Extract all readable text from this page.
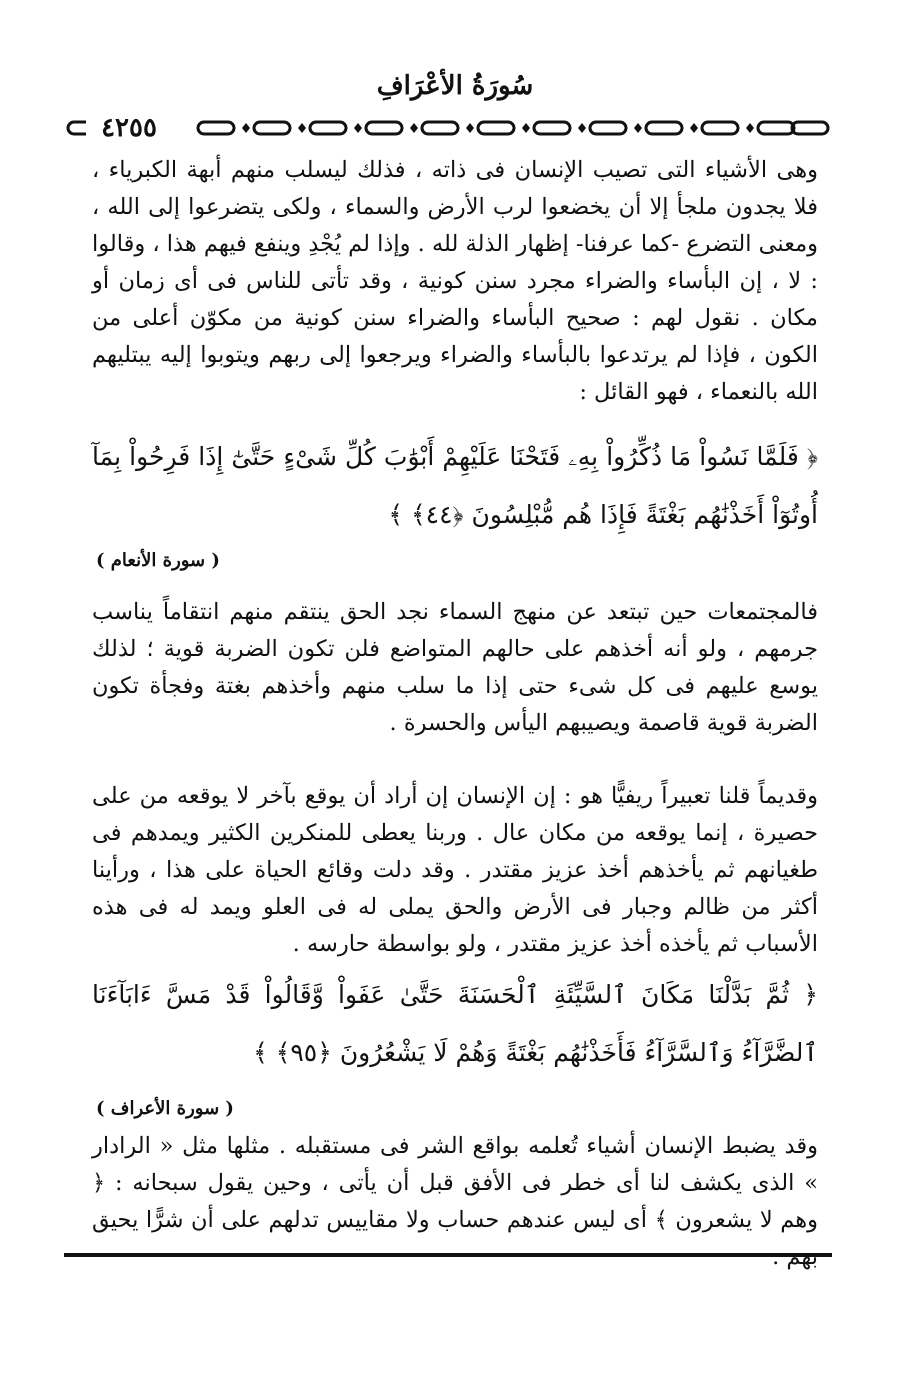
سُورَةُ الأعْرَافِ
٤٢٥٥

وهى الأشياء التى تصيب الإنسان فى ذاته ، فذلك ليسلب منهم أبهة الكبرياء ، فلا يجدون ملجأ إلا أن يخضعوا لرب الأرض والسماء ، ولكى يتضرعوا إلى الله ، ومعنى التضرع -كما عرفنا- إظهار الذلة لله . وإذا لم يُجْدِ وينفع فيهم هذا ، وقالوا : لا ، إن البأساء والضراء مجرد سنن كونية ، وقد تأتى للناس فى أى زمان أو مكان . نقول لهم : صحيح البأساء والضراء سنن كونية من مكوّن أعلى من الكون ، فإذا لم يرتدعوا بالبأساء والضراء ويرجعوا إلى ربهم ويتوبوا إليه يبتليهم الله بالنعماء ، فهو القائل :

﴿ فَلَمَّا نَسُواْ مَا ذُكِّرُواْ بِهِۦ فَتَحْنَا عَلَيْهِمْ أَبْوَٰبَ كُلِّ شَىْءٍ حَتَّىٰٓ إِذَا فَرِحُواْ بِمَآ أُوتُوٓاْ أَخَذْنَٰهُم بَغْتَةً فَإِذَا هُم مُّبْلِسُونَ ﴿٤٤﴾ ﴾

( سورة الأنعام )

فالمجتمعات حين تبتعد عن منهج السماء نجد الحق ينتقم منهم انتقاماً يناسب جرمهم ، ولو أنه أخذهم على حالهم المتواضع فلن تكون الضربة قوية ؛ لذلك يوسع عليهم فى كل شىء حتى إذا ما سلب منهم وأخذهم بغتة وفجأة تكون الضربة قوية قاصمة ويصيبهم اليأس والحسرة .

وقديماً قلنا تعبيراً ريفيًّا هو : إن الإنسان إن أراد أن يوقع بآخر لا يوقعه من على حصيرة ، إنما يوقعه من مكان عال . وربنا يعطى للمنكرين الكثير ويمدهم فى طغيانهم ثم يأخذهم أخذ عزيز مقتدر . وقد دلت وقائع الحياة على هذا ، ورأينا أكثر من ظالم وجبار فى الأرض والحق يملى له فى العلو ويمد له فى هذه الأسباب ثم يأخذه أخذ عزيز مقتدر ، ولو بواسطة حارسه .

﴿ ثُمَّ بَدَّلْنَا مَكَانَ ٱلسَّيِّئَةِ ٱلْحَسَنَةَ حَتَّىٰ عَفَواْ وَّقَالُواْ قَدْ مَسَّ ءَابَآءَنَا ٱلضَّرَّآءُ وَٱلسَّرَّآءُ فَأَخَذْنَٰهُم بَغْتَةً وَهُمْ لَا يَشْعُرُونَ ﴿٩٥﴾ ﴾

( سورة الأعراف )

وقد يضبط الإنسان أشياء تُعلمه بواقع الشر فى مستقبله . مثلها مثل « الرادار » الذى يكشف لنا أى خطر فى الأفق قبل أن يأتى ، وحين يقول سبحانه : ﴿ وهم لا يشعرون ﴾ أى ليس عندهم حساب ولا مقاييس تدلهم على أن شرًّا يحيق بهم .
